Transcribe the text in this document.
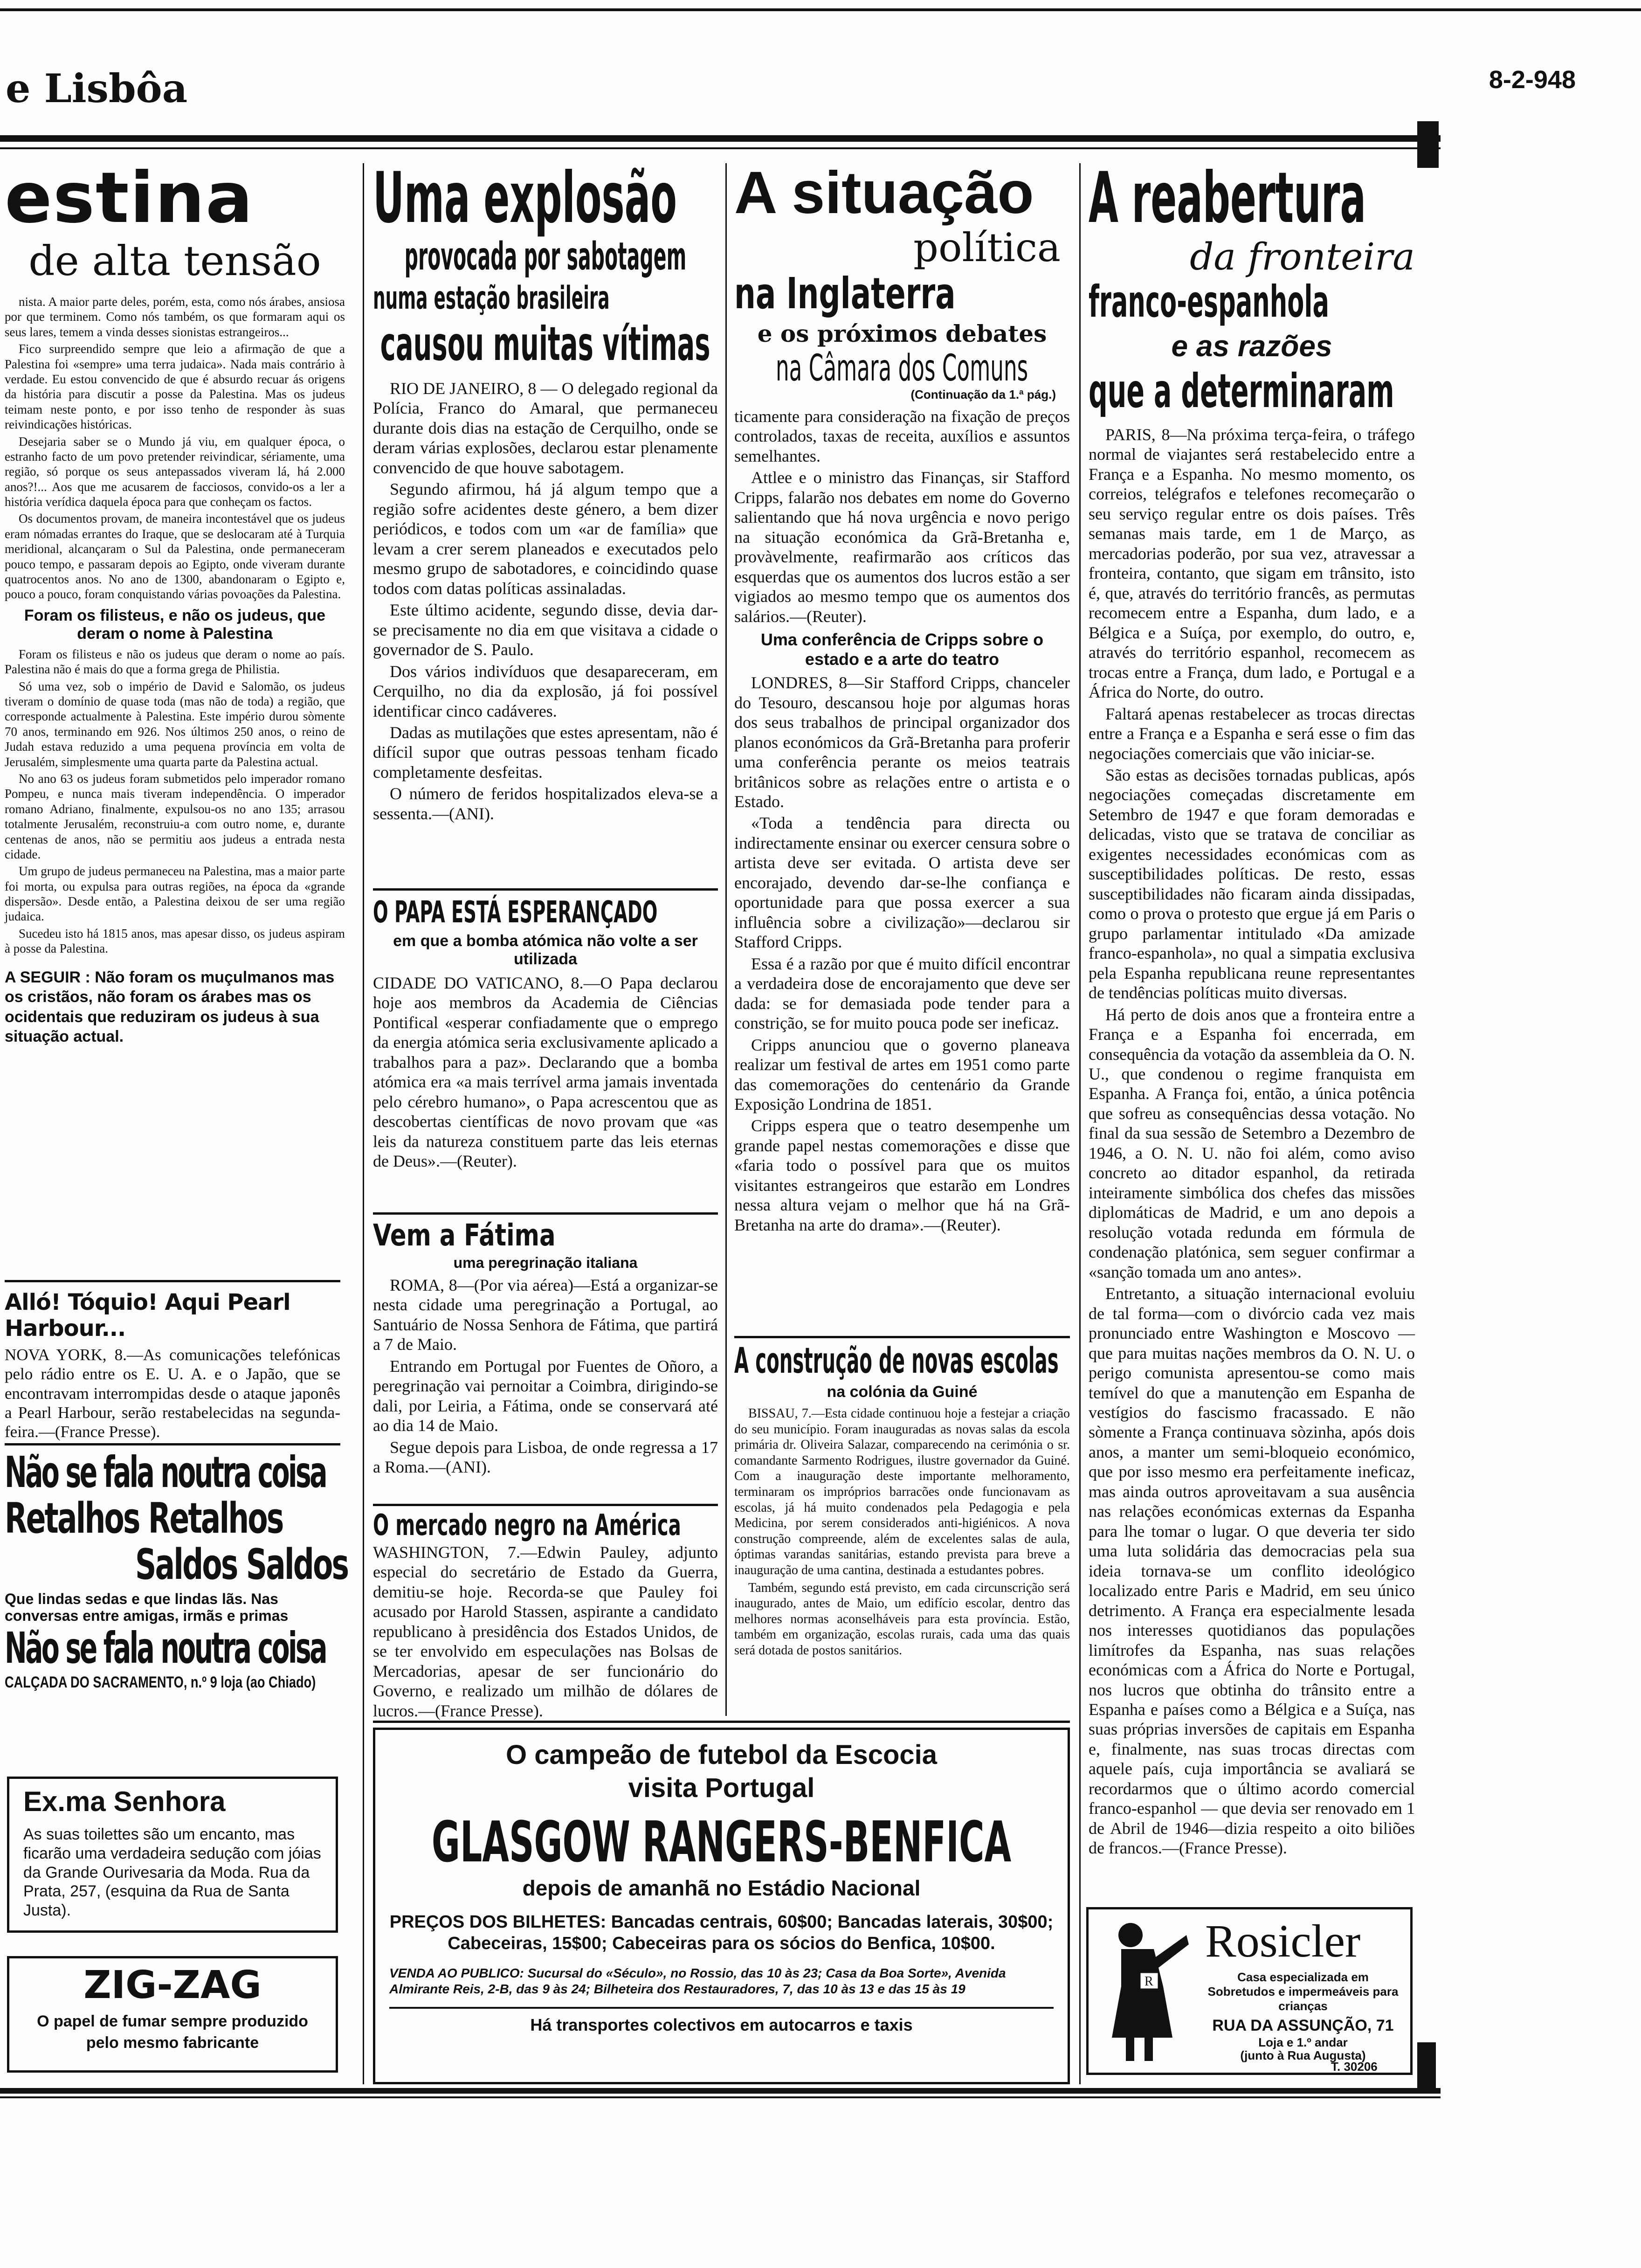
e Lisbôa	8-2-948
estina
de alta tensão

nista. A maior parte deles, porém, esta, como nós árabes, ansiosa por que terminem. Como nós também, os que formaram aqui os seus lares, temem a vinda desses sionistas estrangeiros...

Fico surpreendido sempre que leio a afirmação de que a Palestina foi «sempre» uma terra judaica». Nada mais contrário à verdade. Eu estou convencido de que é absurdo recuar ás origens da história para discutir a posse da Palestina. Mas os judeus teimam neste ponto, e por isso tenho de responder às suas reivindicações históricas.

Desejaria saber se o Mundo já viu, em qualquer época, o estranho facto de um povo pretender reivindicar, sériamente, uma região, só porque os seus antepassados viveram lá, há 2.000 anos?!... Aos que me acusarem de facciosos, convido-os a ler a história verídica daquela época para que conheçam os factos.

Os documentos provam, de maneira incontestável que os judeus eram nómadas errantes do Iraque, que se deslocaram até à Turquia meridional, alcançaram o Sul da Palestina, onde permaneceram pouco tempo, e passaram depois ao Egipto, onde viveram durante quatrocentos anos. No ano de 1300, abandonaram o Egipto e, pouco a pouco, foram conquistando várias povoações da Palestina.

Foram os filisteus, e não os judeus, que deram o nome à Palestina

Foram os filisteus e não os judeus que deram o nome ao país. Palestina não é mais do que a forma grega de Philistia.

Só uma vez, sob o império de David e Salomão, os judeus tiveram o domínio de quase toda (mas não de toda) a região, que corresponde actualmente à Palestina. Este império durou sòmente 70 anos, terminando em 926. Nos últimos 250 anos, o reino de Judah estava reduzido a uma pequena província em volta de Jerusalém, simplesmente uma quarta parte da Palestina actual.

No ano 63 os judeus foram submetidos pelo imperador romano Pompeu, e nunca mais tiveram independência. O imperador romano Adriano, finalmente, expulsou-os no ano 135; arrasou totalmente Jerusalém, reconstruiu-a com outro nome, e, durante centenas de anos, não se permitiu aos judeus a entrada nesta cidade.

Um grupo de judeus permaneceu na Palestina, mas a maior parte foi morta, ou expulsa para outras regiões, na época da «grande dispersão». Desde então, a Palestina deixou de ser uma região judaica.

Sucedeu isto há 1815 anos, mas apesar disso, os judeus aspiram à posse da Palestina.

A SEGUIR : Não foram os muçulmanos mas os cristãos, não foram os árabes mas os ocidentais que reduziram os judeus à sua situação actual.
Alló! Tóquio! Aqui Pearl Harbour...
NOVA YORK, 8.—As comunicações telefónicas pelo rádio entre os E. U. A. e o Japão, que se encontravam interrompidas desde o ataque japonês a Pearl Harbour, serão restabelecidas na segunda-feira.—(France Presse).
Não se fala noutra coisa
Retalhos Retalhos
Saldos Saldos
Que lindas sedas e que lindas lãs. Nas conversas entre amigas, irmãs e primas
Não se fala noutra coisa
CALÇADA DO SACRAMENTO, n.º 9 loja (ao Chiado)
Ex.ma Senhora
As suas toilettes são um encanto, mas ficarão uma verdadeira sedução com jóias da Grande Ourivesaria da Moda. Rua da Prata, 257, (esquina da Rua de Santa Justa).
ZIG-ZAG
O papel de fumar sempre produzido pelo mesmo fabricante
Uma explosão
provocada por sabotagem
numa estação brasileira
causou muitas vítimas

RIO DE JANEIRO, 8 — O delegado regional da Polícia, Franco do Amaral, que permaneceu durante dois dias na estação de Cerquilho, onde se deram várias explosões, declarou estar plenamente convencido de que houve sabotagem.

Segundo afirmou, há já algum tempo que a região sofre acidentes deste género, a bem dizer periódicos, e todos com um «ar de família» que levam a crer serem planeados e executados pelo mesmo grupo de sabotadores, e coincidindo quase todos com datas políticas assinaladas.

Este último acidente, segundo disse, devia dar-se precisamente no dia em que visitava a cidade o governador de S. Paulo.

Dos vários indivíduos que desapareceram, em Cerquilho, no dia da explosão, já foi possível identificar cinco cadáveres.

Dadas as mutilações que estes apresentam, não é difícil supor que outras pessoas tenham ficado completamente desfeitas.

O número de feridos hospitalizados eleva-se a sessenta.—(ANI).

O PAPA ESTÁ ESPERANÇADO
em que a bomba atómica não volte a ser utilizada
CIDADE DO VATICANO, 8.—O Papa declarou hoje aos membros da Academia de Ciências Pontifical «esperar confiadamente que o emprego da energia atómica seria exclusivamente aplicado a trabalhos para a paz». Declarando que a bomba atómica era «a mais terrível arma jamais inventada pelo cérebro humano», o Papa acrescentou que as descobertas científicas de novo provam que «as leis da natureza constituem parte das leis eternas de Deus».—(Reuter).
Vem a Fátima
uma peregrinação italiana

ROMA, 8—(Por via aérea)—Está a organizar-se nesta cidade uma peregrinação a Portugal, ao Santuário de Nossa Senhora de Fátima, que partirá a 7 de Maio.

Entrando em Portugal por Fuentes de Oñoro, a peregrinação vai pernoitar a Coimbra, dirigindo-se dali, por Leiria, a Fátima, onde se conservará até ao dia 14 de Maio.

Segue depois para Lisboa, de onde regressa a 17 a Roma.—(ANI).

O mercado negro na América
WASHINGTON, 7.—Edwin Pauley, adjunto especial do secretário de Estado da Guerra, demitiu-se hoje. Recorda-se que Pauley foi acusado por Harold Stassen, aspirante a candidato republicano à presidência dos Estados Unidos, de se ter envolvido em especulações nas Bolsas de Mercadorias, apesar de ser funcionário do Governo, e realizado um milhão de dólares de lucros.—(France Presse).
A situação
política
na Inglaterra
e os próximos debates
na Câmara dos Comuns
(Continuação da 1.ª pág.)

ticamente para consideração na fixação de preços controlados, taxas de receita, auxílios e assuntos semelhantes.

Attlee e o ministro das Finanças, sir Stafford Cripps, falarão nos debates em nome do Governo salientando que há nova urgência e novo perigo na situação económica da Grã-Bretanha e, provàvelmente, reafirmarão aos críticos das esquerdas que os aumentos dos lucros estão a ser vigiados ao mesmo tempo que os aumentos dos salários.—(Reuter).

Uma conferência de Cripps sobre o estado e a arte do teatro

LONDRES, 8—Sir Stafford Cripps, chanceler do Tesouro, descansou hoje por algumas horas dos seus trabalhos de principal organizador dos planos económicos da Grã-Bretanha para proferir uma conferência perante os meios teatrais britânicos sobre as relações entre o artista e o Estado.

«Toda a tendência para directa ou indirectamente ensinar ou exercer censura sobre o artista deve ser evitada. O artista deve ser encorajado, devendo dar-se-lhe confiança e oportunidade para que possa exercer a sua influência sobre a civilização»—declarou sir Stafford Cripps.

Essa é a razão por que é muito difícil encontrar a verdadeira dose de encorajamento que deve ser dada: se for demasiada pode tender para a constrição, se for muito pouca pode ser ineficaz.

Cripps anunciou que o governo planeava realizar um festival de artes em 1951 como parte das comemorações do centenário da Grande Exposição Londrina de 1851.

Cripps espera que o teatro desempenhe um grande papel nestas comemorações e disse que «faria todo o possível para que os muitos visitantes estrangeiros que estarão em Londres nessa altura vejam o melhor que há na Grã-Bretanha na arte do drama».—(Reuter).

A construção de novas escolas
na colónia da Guiné

BISSAU, 7.—Esta cidade continuou hoje a festejar a criação do seu município. Foram inauguradas as novas salas da escola primária dr. Oliveira Salazar, comparecendo na cerimónia o sr. comandante Sarmento Rodrigues, ilustre governador da Guiné. Com a inauguração deste importante melhoramento, terminaram os impróprios barracões onde funcionavam as escolas, já há muito condenados pela Pedagogia e pela Medicina, por serem considerados anti-higiénicos. A nova construção compreende, além de excelentes salas de aula, óptimas varandas sanitárias, estando prevista para breve a inauguração de uma cantina, destinada a estudantes pobres.

Também, segundo está previsto, em cada circunscrição será inaugurado, antes de Maio, um edifício escolar, dentro das melhores normas aconselháveis para esta província. Estão, também em organização, escolas rurais, cada uma das quais será dotada de postos sanitários.

O campeão de futebol da Escocia
visita Portugal
GLASGOW RANGERS-BENFICA
depois de amanhã no Estádio Nacional
PREÇOS DOS BILHETES: Bancadas centrais, 60$00; Bancadas laterais, 30$00; Cabeceiras, 15$00; Cabeceiras para os sócios do Benfica, 10$00.
VENDA AO PUBLICO: Sucursal do «Século», no Rossio, das 10 às 23; Casa da Boa Sorte», Avenida Almirante Reis, 2-B, das 9 às 24; Bilheteira dos Restauradores, 7, das 10 às 13 e das 15 às 19
Há transportes colectivos em autocarros e taxis
A reabertura
da fronteira
franco-espanhola
e as razões
que a determinaram

PARIS, 8—Na próxima terça-feira, o tráfego normal de viajantes será restabelecido entre a França e a Espanha. No mesmo momento, os correios, telégrafos e telefones recomeçarão o seu serviço regular entre os dois países. Três semanas mais tarde, em 1 de Março, as mercadorias poderão, por sua vez, atravessar a fronteira, contanto, que sigam em trânsito, isto é, que, através do território francês, as permutas recomecem entre a Espanha, dum lado, e a Bélgica e a Suíça, por exemplo, do outro, e, através do território espanhol, recomecem as trocas entre a França, dum lado, e Portugal e a África do Norte, do outro.

Faltará apenas restabelecer as trocas directas entre a França e a Espanha e será esse o fim das negociações comerciais que vão iniciar-se.

São estas as decisões tornadas publicas, após negociações começadas discretamente em Setembro de 1947 e que foram demoradas e delicadas, visto que se tratava de conciliar as exigentes necessidades económicas com as susceptibilidades políticas. De resto, essas susceptibilidades não ficaram ainda dissipadas, como o prova o protesto que ergue já em Paris o grupo parlamentar intitulado «Da amizade franco-espanhola», no qual a simpatia exclusiva pela Espanha republicana reune representantes de tendências políticas muito diversas.

Há perto de dois anos que a fronteira entre a França e a Espanha foi encerrada, em consequência da votação da assembleia da O. N. U., que condenou o regime franquista em Espanha. A França foi, então, a única potência que sofreu as consequências dessa votação. No final da sua sessão de Setembro a Dezembro de 1946, a O. N. U. não foi além, como aviso concreto ao ditador espanhol, da retirada inteiramente simbólica dos chefes das missões diplomáticas de Madrid, e um ano depois a resolução votada redunda em fórmula de condenação platónica, sem seguer confirmar a «sanção tomada um ano antes».

Entretanto, a situação internacional evoluiu de tal forma—com o divórcio cada vez mais pronunciado entre Washington e Moscovo — que para muitas nações membros da O. N. U. o perigo comunista apresentou-se como mais temível do que a manutenção em Espanha de vestígios do fascismo fracassado. E não sòmente a França continuava sòzinha, após dois anos, a manter um semi-bloqueio económico, que por isso mesmo era perfeitamente ineficaz, mas ainda outros aproveitavam a sua ausência nas relações económicas externas da Espanha para lhe tomar o lugar. O que deveria ter sido uma luta solidária das democracias pela sua ideia tornava-se um conflito ideológico localizado entre Paris e Madrid, em seu único detrimento. A França era especialmente lesada nos interesses quotidianos das populações limítrofes da Espanha, nas suas relações económicas com a África do Norte e Portugal, nos lucros que obtinha do trânsito entre a Espanha e países como a Bélgica e a Suíça, nas suas próprias inversões de capitais em Espanha e, finalmente, nas suas trocas directas com aquele país, cuja importância se avaliará se recordarmos que o último acordo comercial franco-espanhol — que devia ser renovado em 1 de Abril de 1946—dizia respeito a oito biliões de francos.—(France Presse).

R
Rosicler
Casa especializada em Sobretudos e impermeáveis para crianças
RUA DA ASSUNÇÃO, 71
Loja e 1.º andar
(junto à Rua Augusta)
T. 30206
